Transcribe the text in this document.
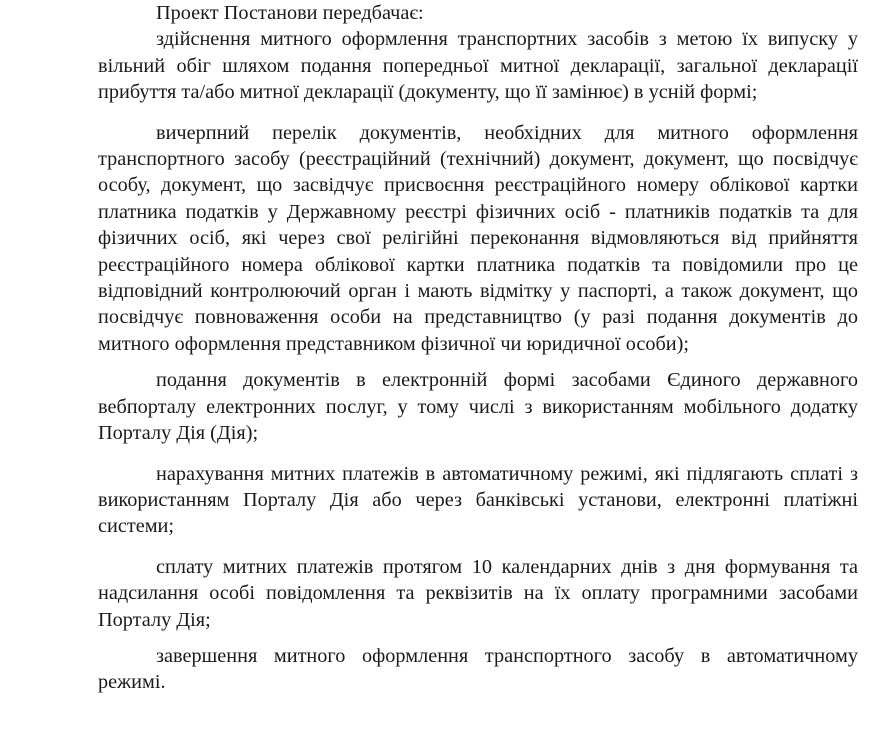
Проект Постанови передбачає:

здійснення митного оформлення транспортних засобів з метою їх випуску у вільний обіг шляхом подання попередньої митної декларації, загальної декларації прибуття та/або митної декларації (документу, що її замінює) в усній формі;

вичерпний перелік документів, необхідних для митного оформлення транспортного засобу (реєстраційний (технічний) документ, документ, що посвідчує особу, документ, що засвідчує присвоєння реєстраційного номеру облікової картки платника податків у Державному реєстрі фізичних осіб - платників податків та для фізичних осіб, які через свої релігійні переконання відмовляються від прийняття реєстраційного номера облікової картки платника податків та повідомили про це відповідний контролюючий орган і мають відмітку у паспорті, а також документ, що посвідчує повноваження особи на представництво (у разі подання документів до митного оформлення представником фізичної чи юридичної особи);

подання документів в електронній формі засобами Єдиного державного вебпорталу електронних послуг, у тому числі з використанням мобільного додатку Порталу Дія (Дія);

нарахування митних платежів в автоматичному режимі, які підлягають сплаті з використанням Порталу Дія або через банківські установи, електронні платіжні системи;

сплату митних платежів протягом 10 календарних днів з дня формування та надсилання особі повідомлення та реквізитів на їх оплату програмними засобами Порталу Дія;

завершення митного оформлення транспортного засобу в автоматичному режимі.
